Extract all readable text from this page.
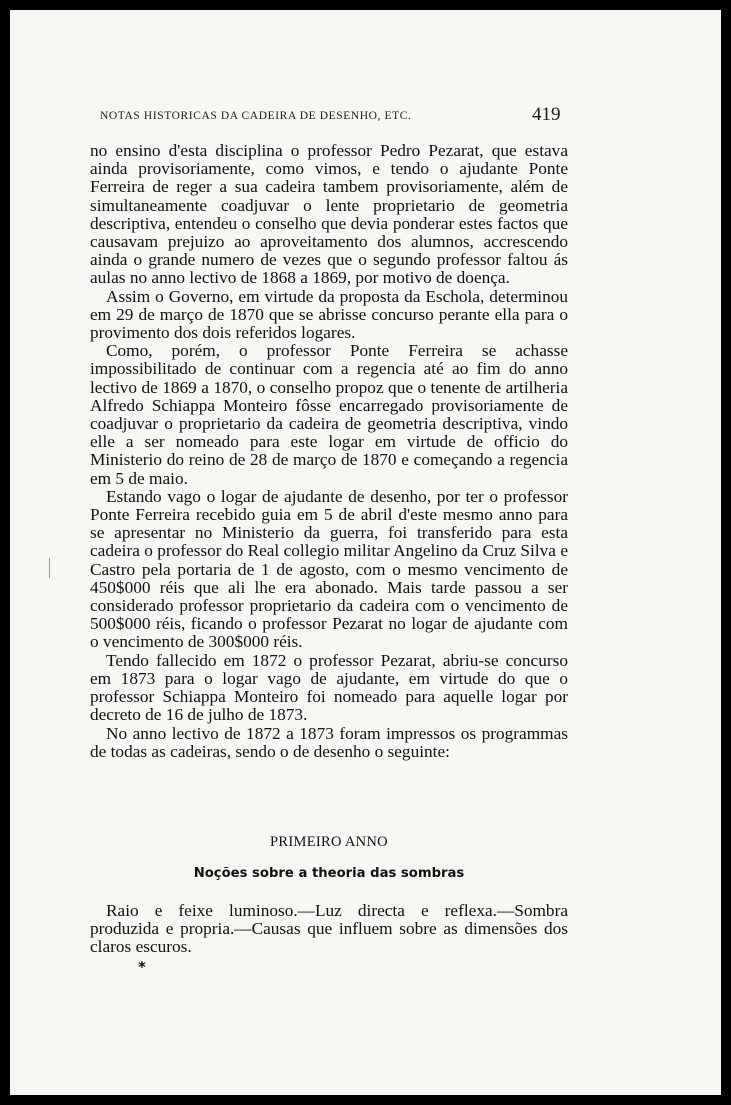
NOTAS HISTORICAS DA CADEIRA DE DESENHO, ETC.	419

no ensino d'esta disciplina o professor Pedro Pezarat, que estava ainda provisoriamente, como vimos, e tendo o ajudante Ponte Ferreira de reger a sua cadeira tambem provisoriamente, além de simultaneamente coadjuvar o lente proprietario de geometria descriptiva, entendeu o conselho que devia ponderar estes factos que causavam prejuizo ao aproveitamento dos alumnos, accrescendo ainda o grande numero de vezes que o segundo professor faltou ás aulas no anno lectivo de 1868 a 1869, por motivo de doença.

Assim o Governo, em virtude da proposta da Eschola, determinou em 29 de março de 1870 que se abrisse concurso perante ella para o provimento dos dois referidos logares.

Como, porém, o professor Ponte Ferreira se achasse impossibilitado de continuar com a regencia até ao fim do anno lectivo de 1869 a 1870, o conselho propoz que o tenente de artilheria Alfredo Schiappa Monteiro fôsse encarregado provisoriamente de coadjuvar o proprietario da cadeira de geometria descriptiva, vindo elle a ser nomeado para este logar em virtude de officio do Ministerio do reino de 28 de março de 1870 e começando a regencia em 5 de maio.

Estando vago o logar de ajudante de desenho, por ter o professor Ponte Ferreira recebido guia em 5 de abril d'este mesmo anno para se apresentar no Ministerio da guerra, foi transferido para esta cadeira o professor do Real collegio militar Angelino da Cruz Silva e Castro pela portaria de 1 de agosto, com o mesmo vencimento de 450$000 réis que ali lhe era abonado. Mais tarde passou a ser considerado professor proprietario da cadeira com o vencimento de 500$000 réis, ficando o professor Pezarat no logar de ajudante com o vencimento de 300$000 réis.

Tendo fallecido em 1872 o professor Pezarat, abriu-se concurso em 1873 para o logar vago de ajudante, em virtude do que o professor Schiappa Monteiro foi nomeado para aquelle logar por decreto de 16 de julho de 1873.

No anno lectivo de 1872 a 1873 foram impressos os programmas de todas as cadeiras, sendo o de desenho o seguinte:

PRIMEIRO ANNO
Noções sobre a theoria das sombras

Raio e feixe luminoso.—Luz directa e reflexa.—Sombra produzida e propria.—Causas que influem sobre as dimensões dos claros escuros.

*
